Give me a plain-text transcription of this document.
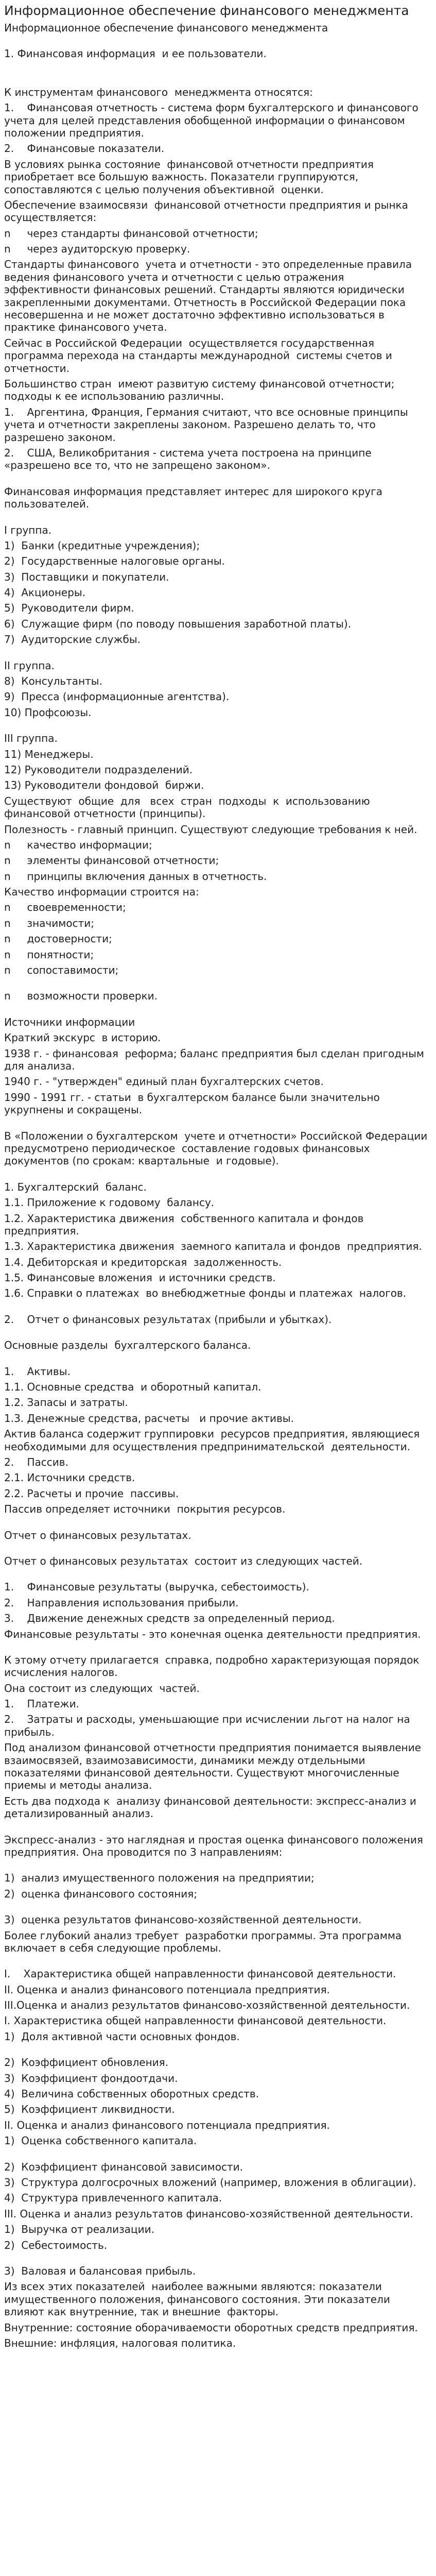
Информационное обеспечение финансового менеджмента
Информационное обеспечение финансового менеджмента

1. Финансовая информация  и ее пользователи.

К инструментам финансового  менеджмента относятся:

1.    Финансовая отчетность - система форм бухгалтерского и финансового учета для целей представления обобщенной информации о финансовом положении предприятия.

2.    Финансовые показатели.

В условиях рынка состояние  финансовой отчетности предприятия приобретает все большую важность. Показатели группируются, сопоставляются с целью получения объективной  оценки.

Обеспечение взаимосвязи  финансовой отчетности предприятия и рынка осуществляется:

n     через стандарты финансовой отчетности;

n     через аудиторскую проверку.

Стандарты финансового  учета и отчетности - это определенные правила ведения финансового учета и отчетности с целью отражения эффективности финансовых решений. Стандарты являются юридически закрепленными документами. Отчетность в Российской Федерации пока несовершенна и не может достаточно эффективно использоваться в практике финансового учета.

Сейчас в Российской Федерации  осуществляется государственная программа перехода на стандарты международной  системы счетов и отчетности.

Большинство стран  имеют развитую систему финансовой отчетности; подходы к ее использованию различны.

1.    Аргентина, Франция, Германия считают, что все основные принципы учета и отчетности закреплены законом. Разрешено делать то, что разрешено законом.

2.    США, Великобритания - система учета построена на принципе «разрешено все то, что не запрещено законом».

Финансовая информация представляет интерес для широкого круга пользователей.

I группа.

1)  Банки (кредитные учреждения);

2)  Государственные налоговые органы.

3)  Поставщики и покупатели.

4)  Акционеры.

5)  Руководители фирм.

6)  Служащие фирм (по поводу повышения заработной платы).

7)  Аудиторские службы.

II группа.

8)  Консультанты.

9)  Пресса (информационные агентства).

10) Профсоюзы.

III группа.

11) Менеджеры.

12) Руководители подразделений.

13) Руководители фондовой  биржи.

Существуют  общие  для   всех  стран  подходы  к  использованию   финансовой отчетности (принципы).

Полезность - главный принцип. Существуют следующие требования к ней.

n     качество информации;

n     элементы финансовой отчетности;

n     принципы включения данных в отчетность.

Качество информации строится на:

n     своевременности;

n     значимости;

n     достоверности;

n     понятности;

n     сопоставимости;

n     возможности проверки.

Источники информации

Краткий экскурс  в историю.

1938 г. - финансовая  реформа; баланс предприятия был сделан пригодным для анализа.

1940 г. - "утвержден" единый план бухгалтерских счетов.

1990 - 1991 гг. - статьи  в бухгалтерском балансе были значительно укрупнены и сокращены.

В «Положении о бухгалтерском  учете и отчетности» Российской Федерации предусмотрено периодическое  составление годовых финансовых документов (по срокам: квартальные  и годовые).

1. Бухгалтерский  баланс.

1.1. Приложение к годовому  балансу.

1.2. Характеристика движения  собственного капитала и фондов  предприятия.

1.3. Характеристика движения  заемного капитала и фондов  предприятия.

1.4. Дебиторская и кредиторская  задолженность.

1.5. Финансовые вложения  и источники средств.

1.6. Справки о платежах  во внебюджетные фонды и платежах  налогов.

2.    Отчет о финансовых результатах (прибыли и убытках).

Основные разделы  бухгалтерского баланса.

1.    Активы.

1.1. Основные средства  и оборотный капитал.

1.2. Запасы и затраты.

1.3. Денежные средства, расчеты   и прочие активы.

Актив баланса содержит группировки  ресурсов предприятия, являющиеся необходимыми для осуществления предпринимательской  деятельности.

2.    Пассив.

2.1. Источники средств.

2.2. Расчеты и прочие  пассивы.

Пассив определяет источники  покрытия ресурсов.

Отчет о финансовых результатах.

Отчет о финансовых результатах  состоит из следующих частей.

1.    Финансовые результаты (выручка, себестоимость).

2.    Направления использования прибыли.

3.    Движение денежных средств за определенный период.

Финансовые результаты - это конечная оценка деятельности предприятия.

К этому отчету прилагается  справка, подробно характеризующая порядок исчисления налогов.

Она состоит из следующих  частей.

1.    Платежи.

2.    Затраты и расходы, уменьшающие при исчислении льгот на налог на прибыль.

Под анализом финансовой отчетности предприятия понимается выявление взаимосвязей, взаимозависимости, динамики между отдельными показателями финансовой деятельности. Существуют многочисленные приемы и методы анализа.

Есть два подхода к  анализу финансовой деятельности: экспресс-анализ и детализированный анализ.

Экспресс-анализ - это наглядная и простая оценка финансового положения предприятия. Она проводится по 3 направлениям:

1)  анализ имущественного положения на предприятии;

2)  оценка финансового состояния;

3)  оценка результатов финансово-хозяйственной деятельности.

Более глубокий анализ требует  разработки программы. Эта программа включает в себя следующие проблемы.

I.    Характеристика общей направленности финансовой деятельности.

II. Оценка и анализ финансового потенциала предприятия.

III.Оценка и анализ результатов финансово-хозяйственной деятельности.

I. Характеристика общей направленности финансовой деятельности.

1)  Доля активной части основных фондов.

2)  Коэффициент обновления.

3)  Коэффициент фондоотдачи.

4)  Величина собственных оборотных средств.

5)  Коэффициент ликвидности.

II. Оценка и анализ финансового потенциала предприятия.

1)  Оценка собственного капитала.

2)  Коэффициент финансовой зависимости.

3)  Структура долгосрочных вложений (например, вложения в облигации).

4)  Структура привлеченного капитала.

III. Оценка и анализ результатов финансово-хозяйственной деятельности.

1)  Выручка от реализации.

2)  Себестоимость.

3)  Валовая и балансовая прибыль.

Из всех этих показателей  наиболее важными являются: показатели имущественного положения, финансового состояния. Эти показатели влияют как внутренние, так и внешние  факторы.

Внутренние: состояние оборачиваемости оборотных средств предприятия.

Внешние: инфляция, налоговая политика.
